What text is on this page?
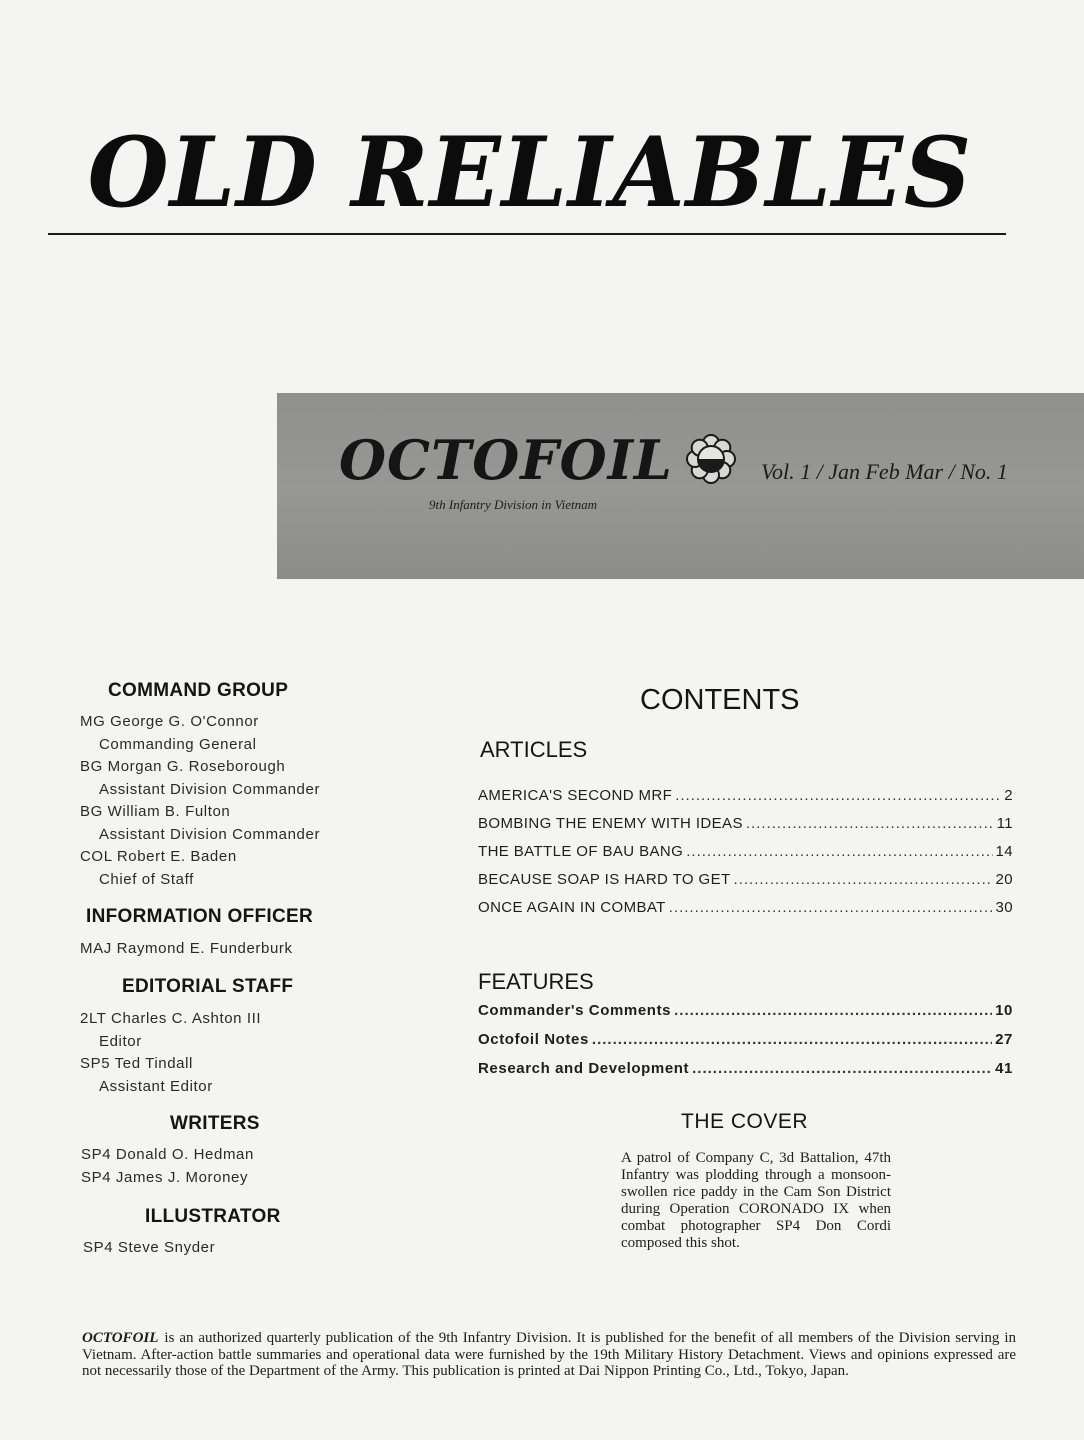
OLD RELIABLES
OCTOFOIL	Vol. 1 / Jan Feb Mar / No. 1
9th Infantry Division in Vietnam
COMMAND GROUP
MG George G. O'Connor
Commanding General
BG Morgan G. Roseborough
Assistant Division Commander
BG William B. Fulton
Assistant Division Commander
COL Robert E. Baden
Chief of Staff
INFORMATION OFFICER
MAJ Raymond E. Funderburk
EDITORIAL STAFF
2LT Charles C. Ashton III
Editor
SP5 Ted Tindall
Assistant Editor
WRITERS
SP4 Donald O. Hedman
SP4 James J. Moroney
ILLUSTRATOR
SP4 Steve Snyder
CONTENTS
ARTICLES
AMERICA'S SECOND MRF .....	2
BOMBING THE ENEMY WITH IDEAS .....	11
THE BATTLE OF BAU BANG .....	14
BECAUSE SOAP IS HARD TO GET .....	20
ONCE AGAIN IN COMBAT .....	30
FEATURES
Commander's Comments .....	10
Octofoil Notes .....	27
Research and Development .....	41
THE COVER
A patrol of Company C, 3d Battalion, 47th Infantry was plodding through a monsoon-swollen rice paddy in the Cam Son District during Operation CORONADO IX when combat photographer SP4 Don Cordi composed this shot.
OCTOFOIL is an authorized quarterly publication of the 9th Infantry Division. It is published for the benefit of all members of the Division serving in Vietnam. After-action battle summaries and operational data were furnished by the 19th Military History Detachment. Views and opinions expressed are not necessarily those of the Department of the Army. This publication is printed at Dai Nippon Printing Co., Ltd., Tokyo, Japan.
